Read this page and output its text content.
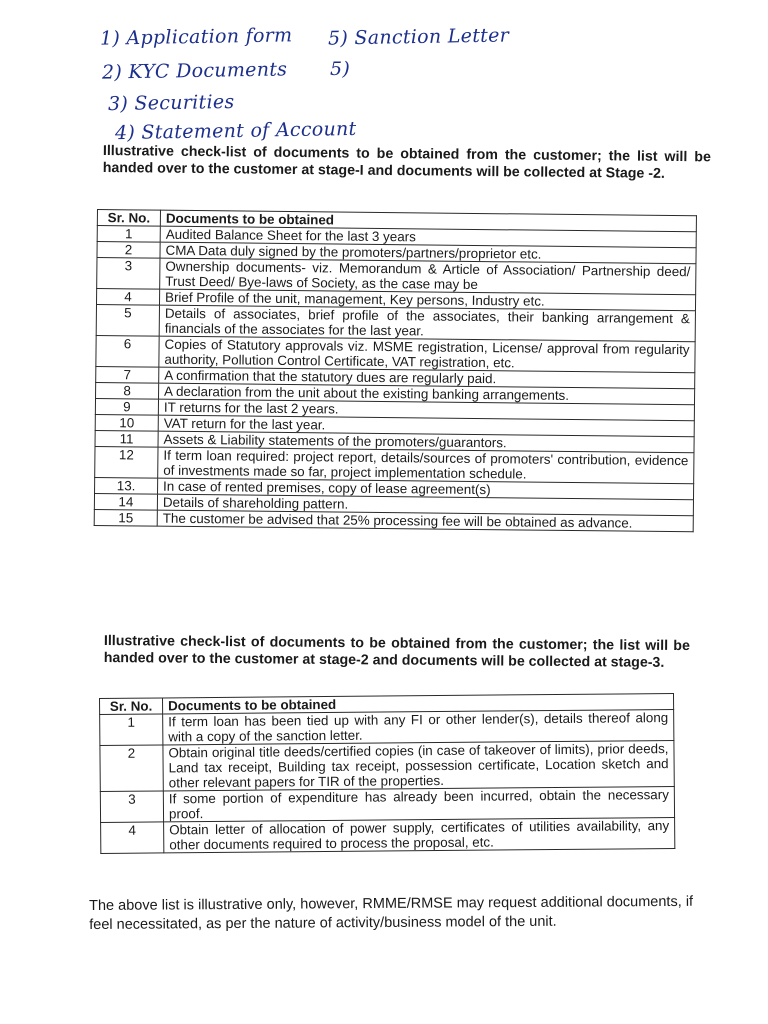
1) Application form
2) KYC Documents
3) Securities
4) Statement of Account
5) Sanction Letter
5)

Illustrative check-list of documents to be obtained from the customer; the list will be handed over to the customer at stage-I and documents will be collected at Stage -2.

Sr. No.	Documents to be obtained
1	Audited Balance Sheet for the last 3 years
2	CMA Data duly signed by the promoters/partners/proprietor etc.
3	Ownership documents- viz. Memorandum & Article of Association/ Partnership deed/ Trust Deed/ Bye-laws of Society, as the case may be
4	Brief Profile of the unit, management, Key persons, Industry etc.
5	Details of associates, brief profile of the associates, their banking arrangement & financials of the associates for the last year.
6	Copies of Statutory approvals viz. MSME registration, License/ approval from regularity authority, Pollution Control Certificate, VAT registration, etc.
7	A confirmation that the statutory dues are regularly paid.
8	A declaration from the unit about the existing banking arrangements.
9	IT returns for the last 2 years.
10	VAT return for the last year.
11	Assets & Liability statements of the promoters/guarantors.
12	If term loan required: project report, details/sources of promoters' contribution, evidence of investments made so far, project implementation schedule.
13.	In case of rented premises, copy of lease agreement(s)
14	Details of shareholding pattern.
15	The customer be advised that 25% processing fee will be obtained as advance.

Illustrative check-list of documents to be obtained from the customer; the list will be handed over to the customer at stage-2 and documents will be collected at stage-3.

Sr. No.	Documents to be obtained
1	If term loan has been tied up with any FI or other lender(s), details thereof along with a copy of the sanction letter.
2	Obtain original title deeds/certified copies (in case of takeover of limits), prior deeds, Land tax receipt, Building tax receipt, possession certificate, Location sketch and other relevant papers for TIR of the properties.
3	If some portion of expenditure has already been incurred, obtain the necessary proof.
4	Obtain letter of allocation of power supply, certificates of utilities availability, any other documents required to process the proposal, etc.

The above list is illustrative only, however, RMME/RMSE may request additional documents, if feel necessitated, as per the nature of activity/business model of the unit.
